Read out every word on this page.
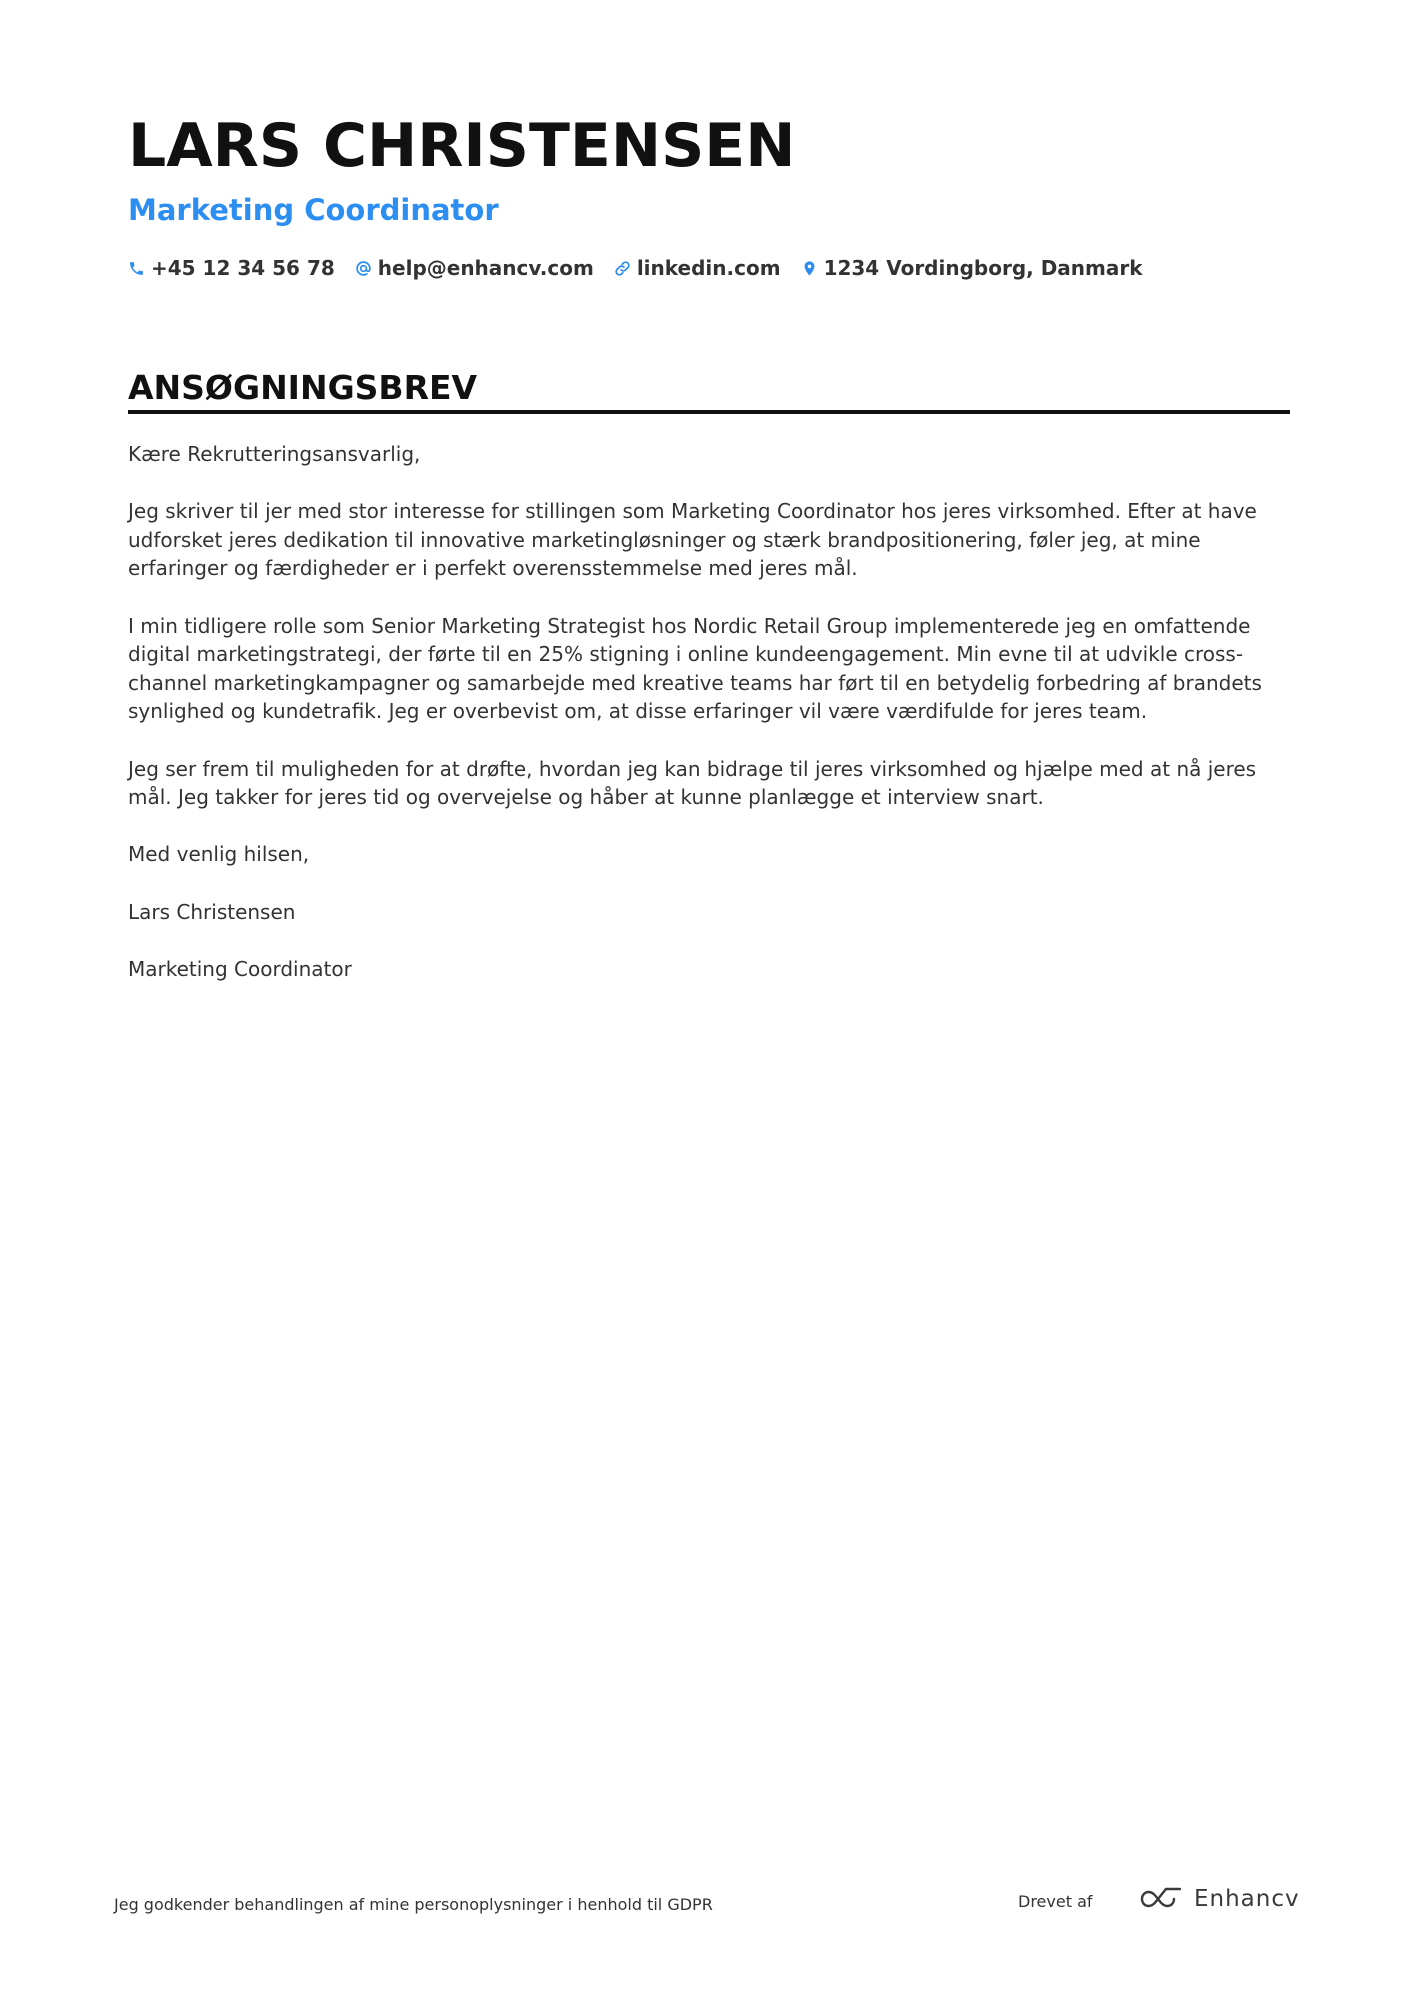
LARS CHRISTENSEN
Marketing Coordinator
+45 12 34 56 78 help@enhancv.com linkedin.com 1234 Vordingborg, Danmark
ANSØGNINGSBREV

Kære Rekrutteringsansvarlig,

Jeg skriver til jer med stor interesse for stillingen som Marketing Coordinator hos jeres virksomhed. Efter at have udforsket jeres dedikation til innovative marketingløsninger og stærk brandpositionering, føler jeg, at mine erfaringer og færdigheder er i perfekt overensstemmelse med jeres mål.

I min tidligere rolle som Senior Marketing Strategist hos Nordic Retail Group implementerede jeg en omfattende digital marketingstrategi, der førte til en 25% stigning i online kundeengagement. Min evne til at udvikle cross-channel marketingkampagner og samarbejde med kreative teams har ført til en betydelig forbedring af brandets synlighed og kundetrafik. Jeg er overbevist om, at disse erfaringer vil være værdifulde for jeres team.

Jeg ser frem til muligheden for at drøfte, hvordan jeg kan bidrage til jeres virksomhed og hjælpe med at nå jeres mål. Jeg takker for jeres tid og overvejelse og håber at kunne planlægge et interview snart.

Med venlig hilsen,

Lars Christensen

Marketing Coordinator

Jeg godkender behandlingen af mine personoplysninger i henhold til GDPR	Drevet af	Enhancv
